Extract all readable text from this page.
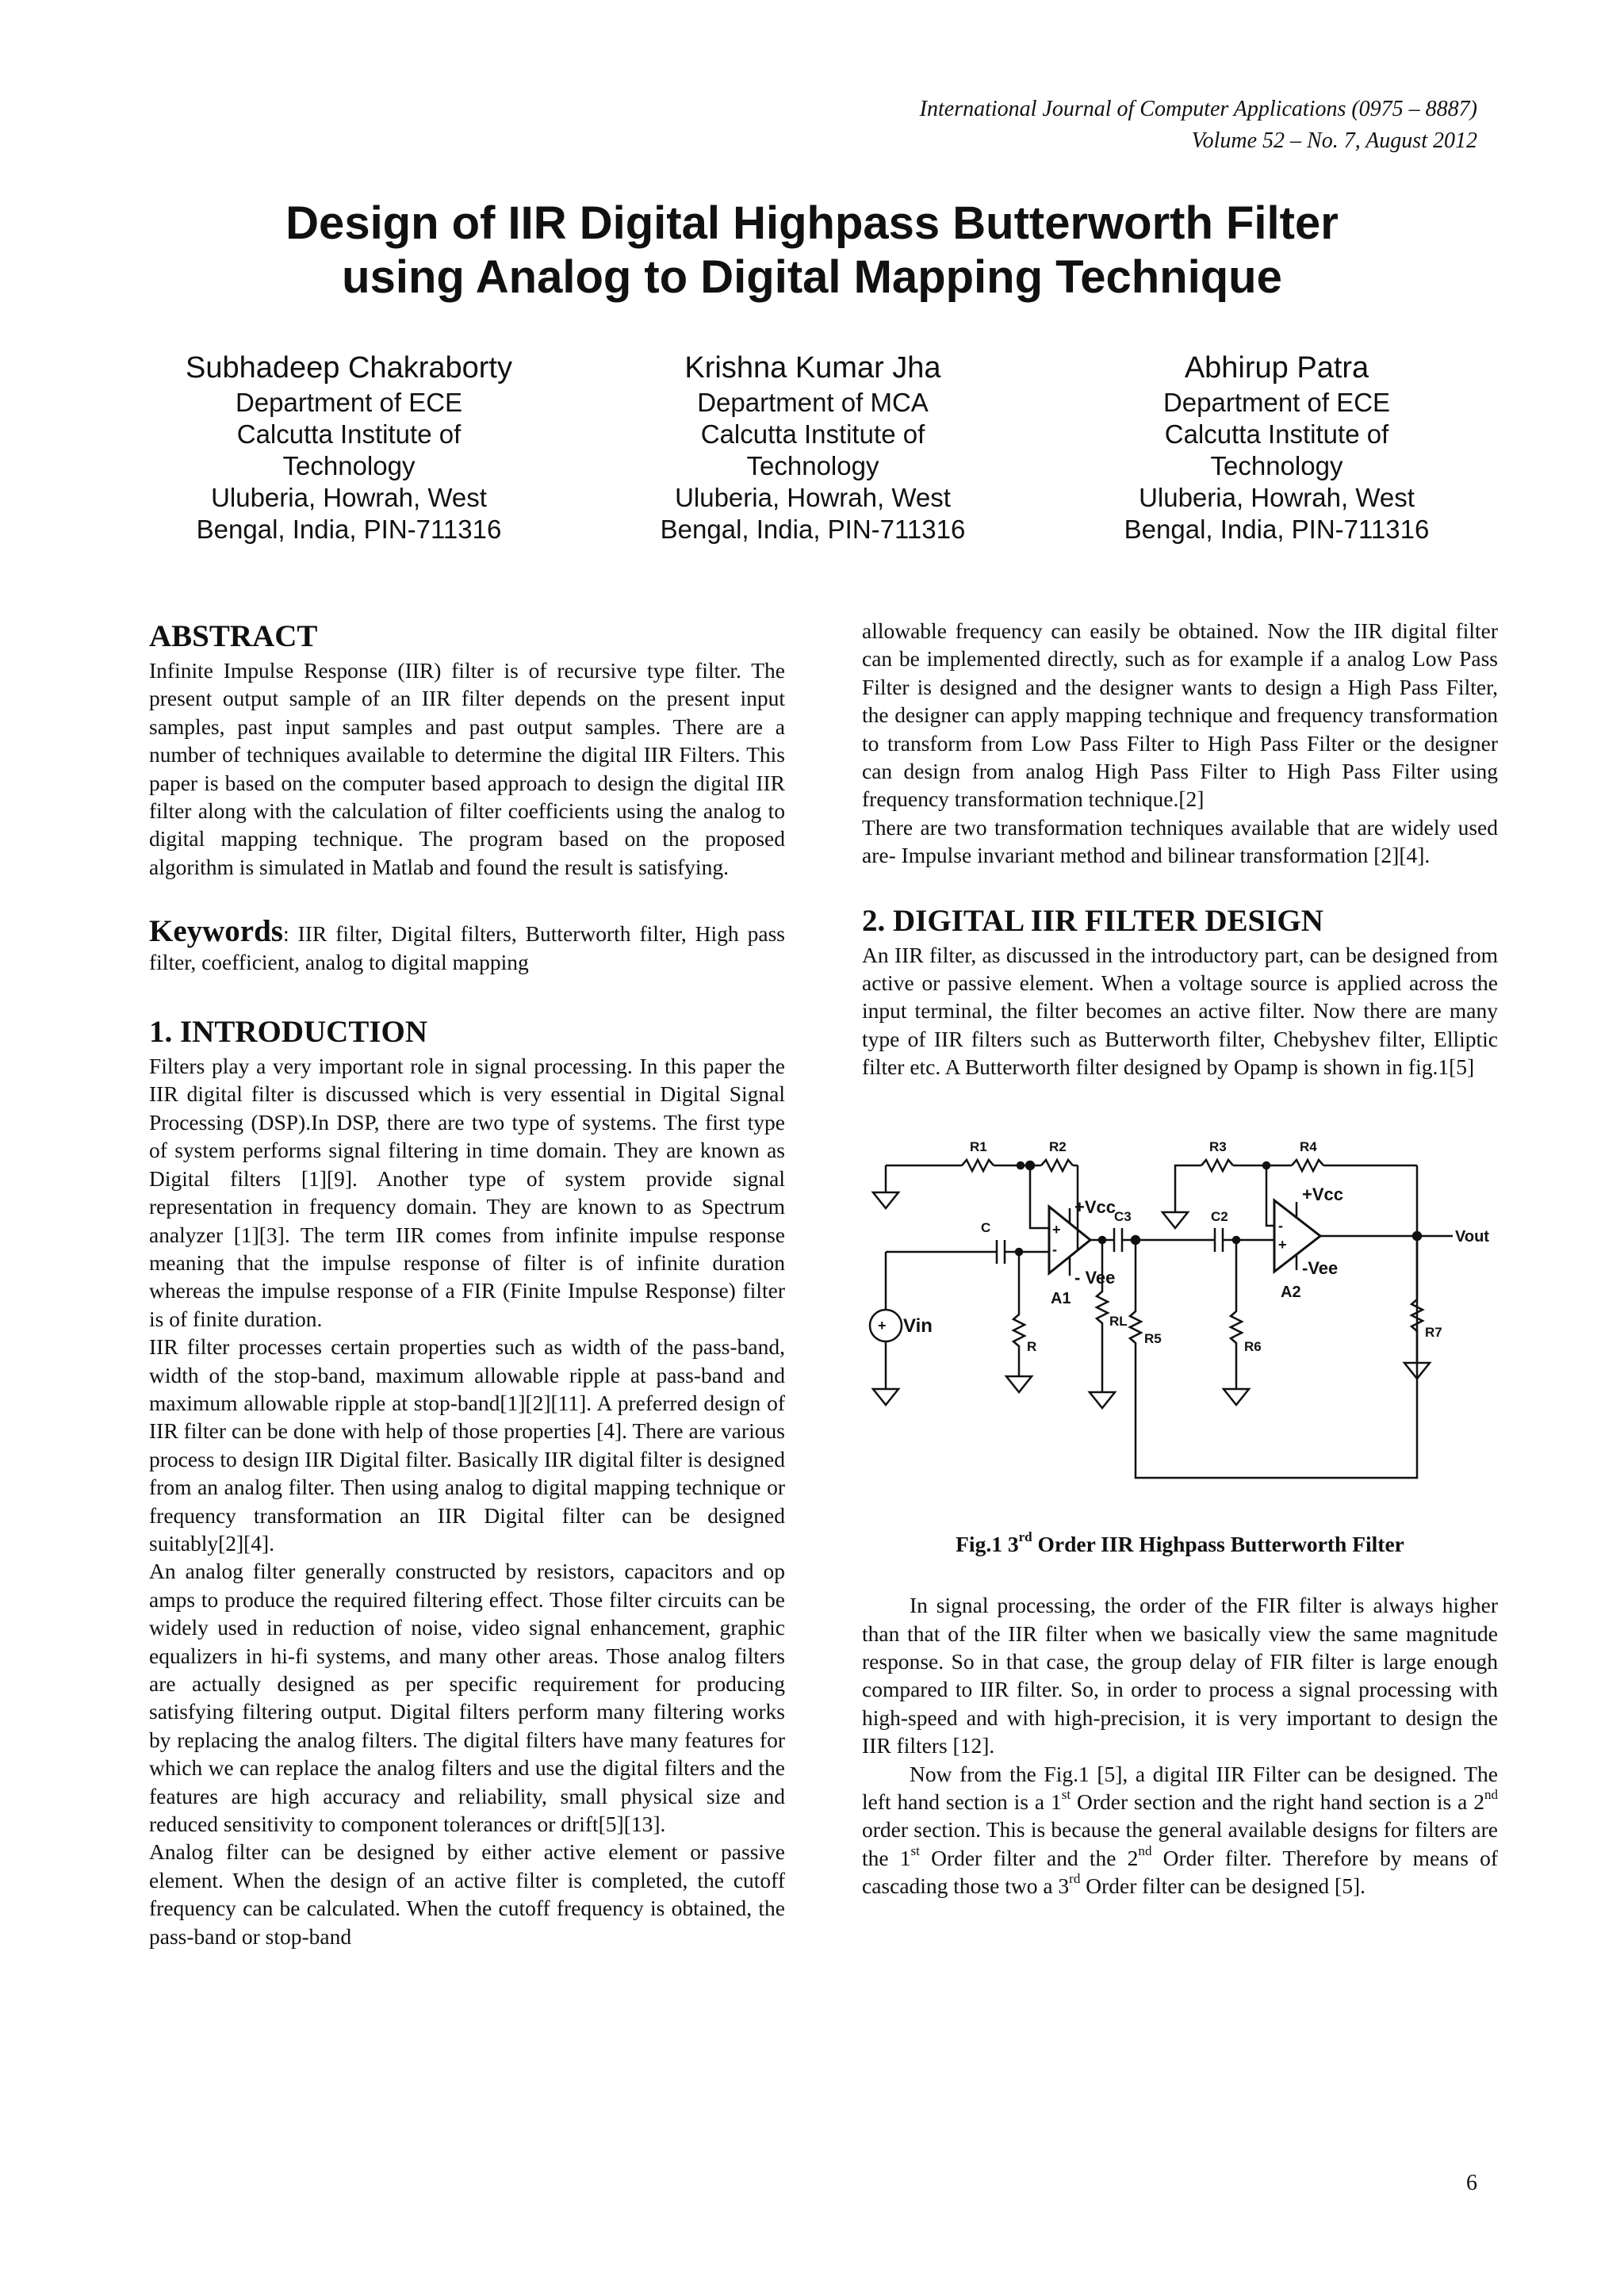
International Journal of Computer Applications (0975 – 8887)
Volume 52 – No. 7, August 2012
Design of IIR Digital Highpass Butterworth Filter
using Analog to Digital Mapping Technique
Subhadeep Chakraborty
Department of ECE
Calcutta Institute of
Technology
Uluberia, Howrah, West
Bengal, India, PIN-711316
Krishna Kumar Jha
Department of MCA
Calcutta Institute of
Technology
Uluberia, Howrah, West
Bengal, India, PIN-711316
Abhirup Patra
Department of ECE
Calcutta Institute of
Technology
Uluberia, Howrah, West
Bengal, India, PIN-711316
ABSTRACT

Infinite Impulse Response (IIR) filter is of recursive type filter. The present output sample of an IIR filter depends on the present input samples, past input samples and past output samples. There are a number of techniques available to determine the digital IIR Filters. This paper is based on the computer based approach to design the digital IIR filter along with the calculation of filter coefficients using the analog to digital mapping technique. The program based on the proposed algorithm is simulated in Matlab and found the result is satisfying.

Keywords: IIR filter, Digital filters, Butterworth filter, High pass filter, coefficient, analog to digital mapping

1. INTRODUCTION

Filters play a very important role in signal processing. In this paper the IIR digital filter is discussed which is very essential in Digital Signal Processing (DSP).In DSP, there are two type of systems. The first type of system performs signal filtering in time domain. They are known as Digital filters [1][9]. Another type of system provide signal representation in frequency domain. They are known to as Spectrum analyzer [1][3]. The term IIR comes from infinite impulse response meaning that the impulse response of filter is of infinite duration whereas the impulse response of a FIR (Finite Impulse Response) filter is of finite duration.

IIR filter processes certain properties such as width of the pass-band, width of the stop-band, maximum allowable ripple at pass-band and maximum allowable ripple at stop-band[1][2][11]. A preferred design of IIR filter can be done with help of those properties [4]. There are various process to design IIR Digital filter. Basically IIR digital filter is designed from an analog filter. Then using analog to digital mapping technique or frequency transformation an IIR Digital filter can be designed suitably[2][4].

An analog filter generally constructed by resistors, capacitors and op amps to produce the required filtering effect. Those filter circuits can be widely used in reduction of noise, video signal enhancement, graphic equalizers in hi-fi systems, and many other areas. Those analog filters are actually designed as per specific requirement for producing satisfying filtering output. Digital filters perform many filtering works by replacing the analog filters. The digital filters have many features for which we can replace the analog filters and use the digital filters and the features are high accuracy and reliability, small physical size and reduced sensitivity to component tolerances or drift[5][13].

Analog filter can be designed by either active element or passive element. When the design of an active filter is completed, the cutoff frequency can be calculated. When the cutoff frequency is obtained, the pass-band or stop-band

allowable frequency can easily be obtained. Now the IIR digital filter can be implemented directly, such as for example if a analog Low Pass Filter is designed and the designer wants to design a High Pass Filter, the designer can apply mapping technique and frequency transformation to transform from Low Pass Filter to High Pass Filter or the designer can design from analog High Pass Filter to High Pass Filter using frequency transformation technique.[2]

There are two transformation techniques available that are widely used are- Impulse invariant method and bilinear transformation [2][4].

2. DIGITAL IIR FILTER DESIGN

An IIR filter, as discussed in the introductory part, can be designed from active or passive element. When a voltage source is applied across the input terminal, the filter becomes an active filter. Now there are many type of IIR filters such as Butterworth filter, Chebyshev filter, Elliptic filter etc. A Butterworth filter designed by Opamp is shown in fig.1[5]

R1	R2	R3	R4
C
C3	C2
+Vcc
- Vee
A1
RL
R5
R6
+Vcc
-Vee
A2
Vout
Vin
R
R7
+
-
+	-
+

Fig.1 3rd Order IIR Highpass Butterworth Filter

In signal processing, the order of the FIR filter is always higher than that of the IIR filter when we basically view the same magnitude response. So in that case, the group delay of FIR filter is large enough compared to IIR filter. So, in order to process a signal processing with high-speed and with high-precision, it is very important to design the IIR filters [12].

Now from the Fig.1 [5], a digital IIR Filter can be designed. The left hand section is a 1st Order section and the right hand section is a 2nd order section. This is because the general available designs for filters are the 1st Order filter and the 2nd Order filter. Therefore by means of cascading those two a 3rd Order filter can be designed [5].

6
